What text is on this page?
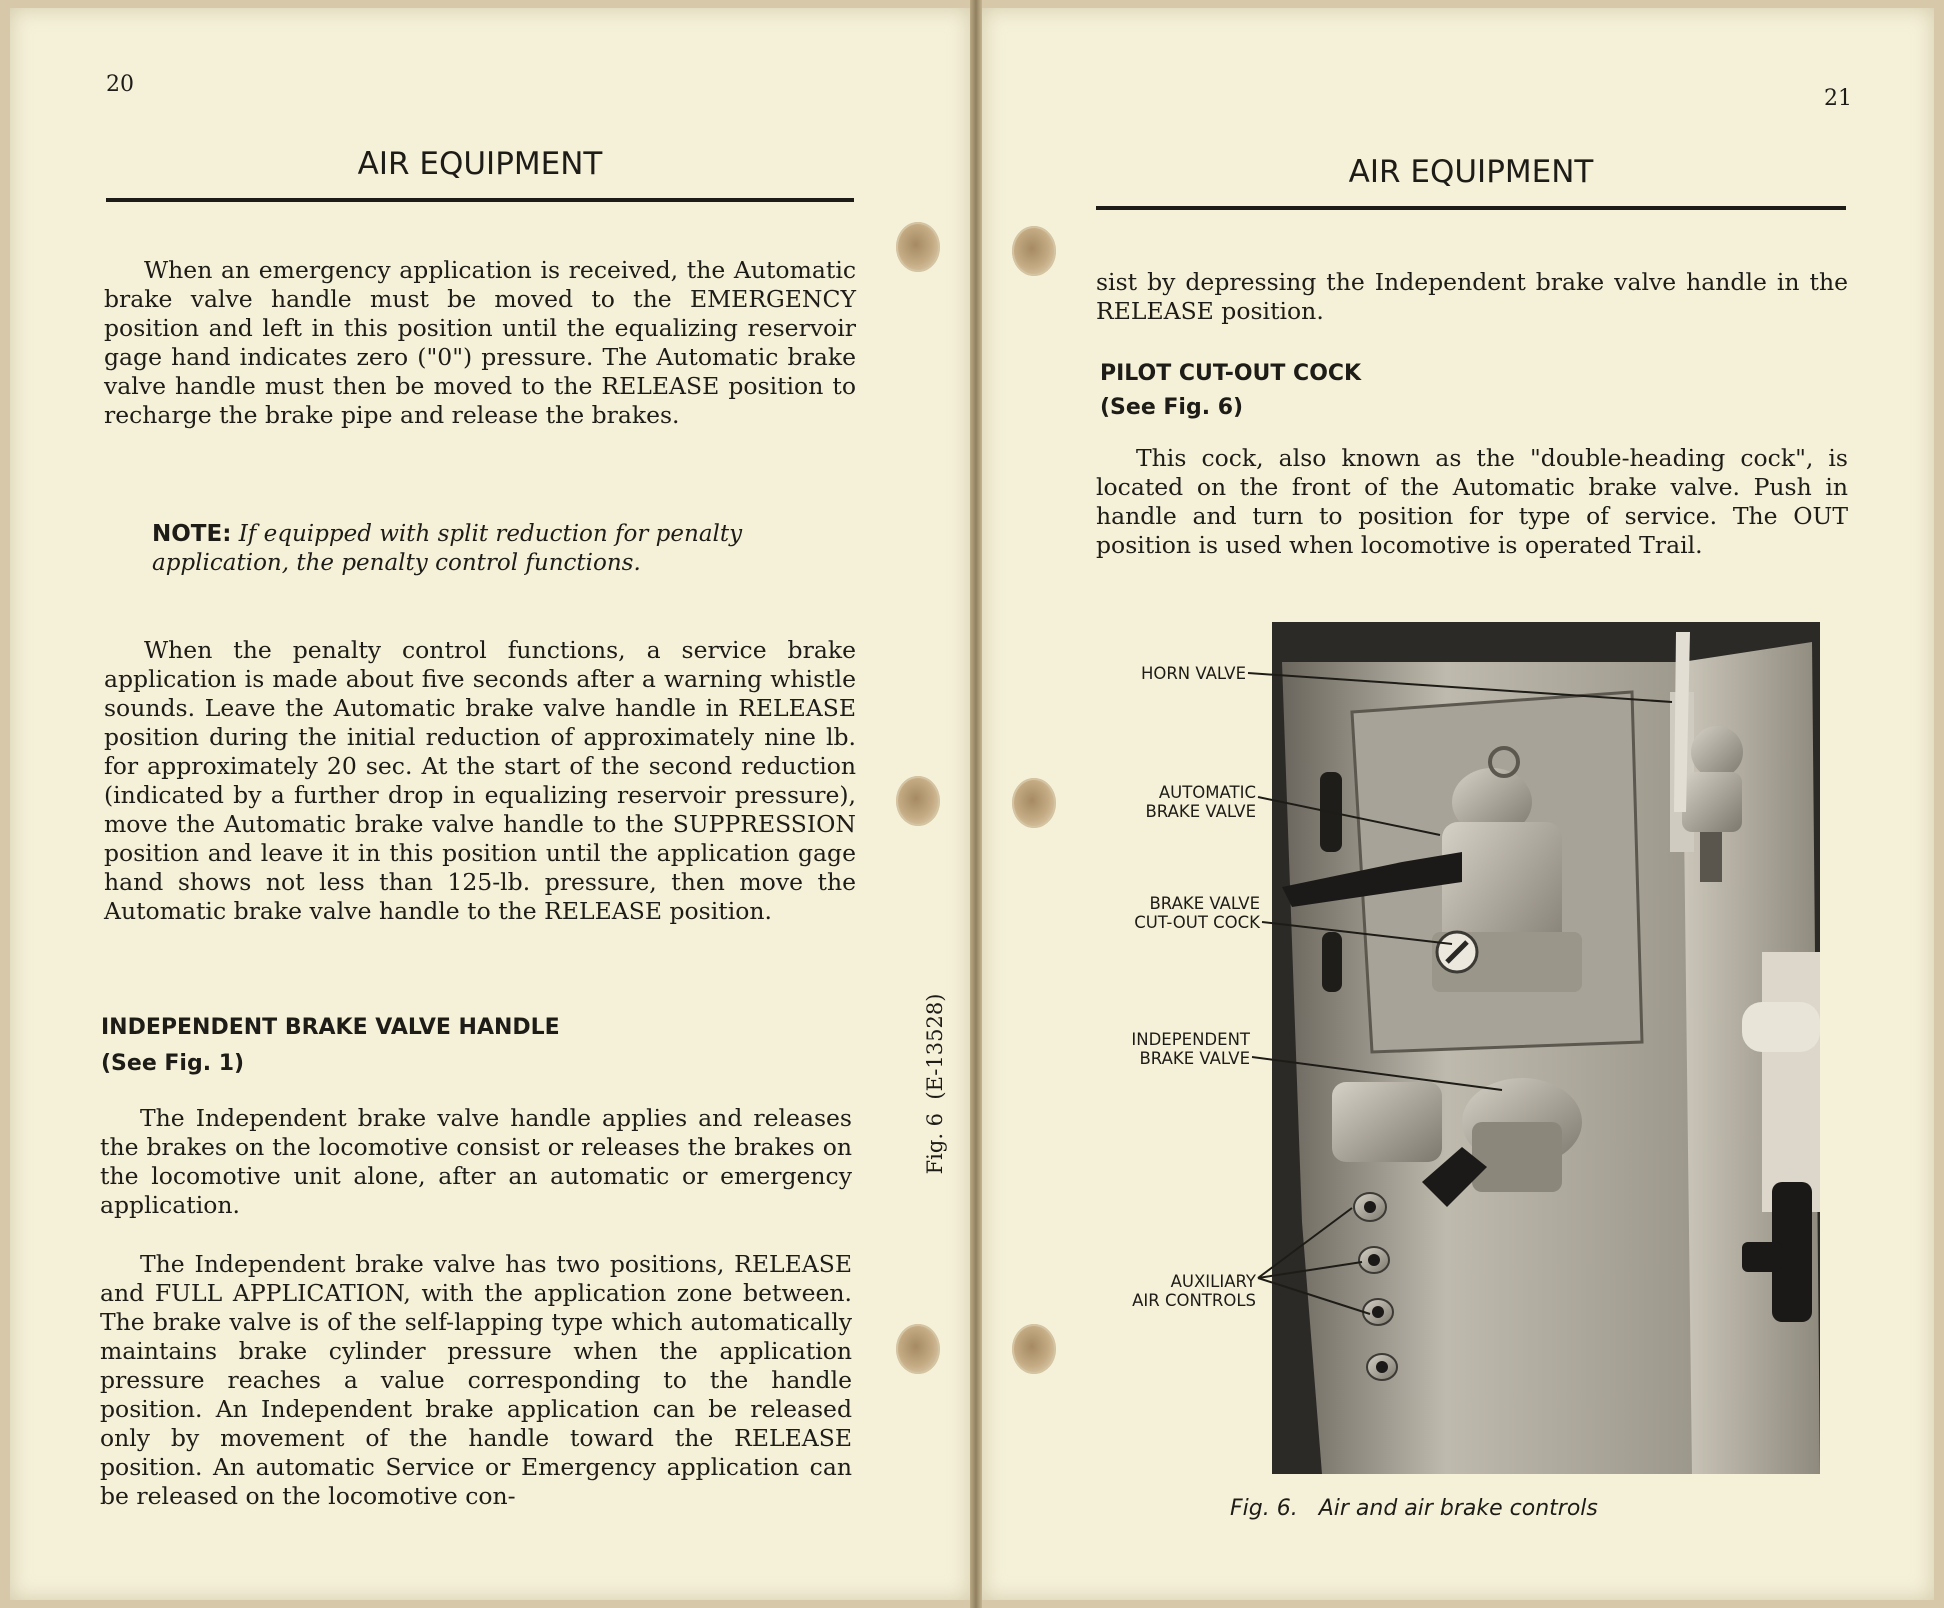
20
AIR EQUIPMENT

When an emergency application is received, the Automatic brake valve handle must be moved to the EMERGENCY position and left in this position until the equalizing reservoir gage hand indicates zero ("0") pressure. The Automatic brake valve handle must then be moved to the RELEASE position to recharge the brake pipe and release the brakes.

NOTE: If equipped with split reduction for penalty application, the penalty control functions.

When the penalty control functions, a service brake application is made about five seconds after a warning whistle sounds. Leave the Automatic brake valve handle in RELEASE position during the initial reduction of approximately nine lb. for approximately 20 sec. At the start of the second reduction (indicated by a further drop in equalizing reservoir pressure), move the Automatic brake valve handle to the SUPPRESSION position and leave it in this position until the application gage hand shows not less than 125-lb. pressure, then move the Automatic brake valve handle to the RELEASE position.

INDEPENDENT BRAKE VALVE HANDLE

(See Fig. 1)

The Independent brake valve handle applies and releases the brakes on the locomotive consist or releases the brakes on the locomotive unit alone, after an automatic or emergency application.

The Independent brake valve has two positions, RELEASE and FULL APPLICATION, with the application zone between. The brake valve is of the self-lapping type which automatically maintains brake cylinder pressure when the application pressure reaches a value corresponding to the handle position. An Independent brake application can be released only by movement of the handle toward the RELEASE position. An automatic Service or Emergency application can be released on the locomotive con-

21
AIR EQUIPMENT

sist by depressing the Independent brake valve handle in the RELEASE position.

PILOT CUT-OUT COCK

(See Fig. 6)

This cock, also known as the "double-heading cock", is located on the front of the Automatic brake valve. Push in handle and turn to position for type of service. The OUT position is used when locomotive is operated Trail.

Fig. 6  (E-13528)
HORN VALVE
AUTOMATIC
BRAKE VALVE
BRAKE VALVE
CUT-OUT COCK
INDEPENDENT
BRAKE VALVE
AUXILIARY
AIR CONTROLS
Fig. 6.   Air and air brake controls
